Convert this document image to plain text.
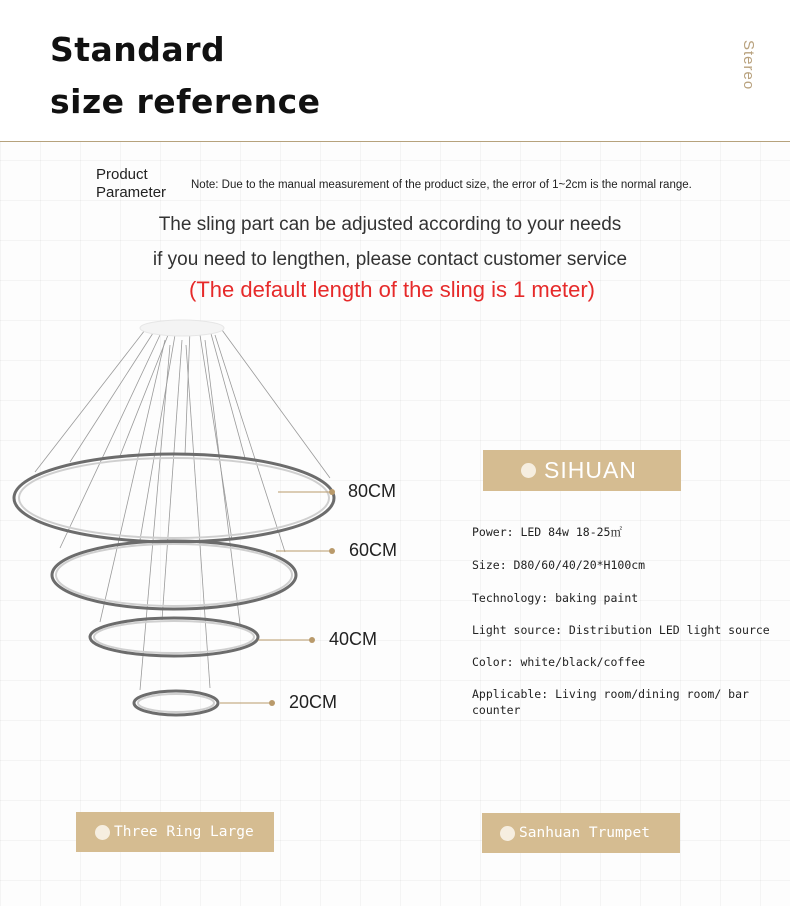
Standard
size reference
Stereo
Product
Parameter Note: Due to the manual measurement of the product size, the error of 1~2cm is the normal range.
The sling part can be adjusted according to your needs
if you need to lengthen, please contact customer service
(The default length of the sling is 1 meter)
80CM
60CM
40CM
20CM
SIHUAN
Power: LED 84w 18-25㎡
Size: D80/60/40/20*H100cm
Technology: baking paint
Light source: Distribution LED light source
Color: white/black/coffee
Applicable: Living room/dining room/ bar counter
Three Ring Large	Sanhuan Trumpet
